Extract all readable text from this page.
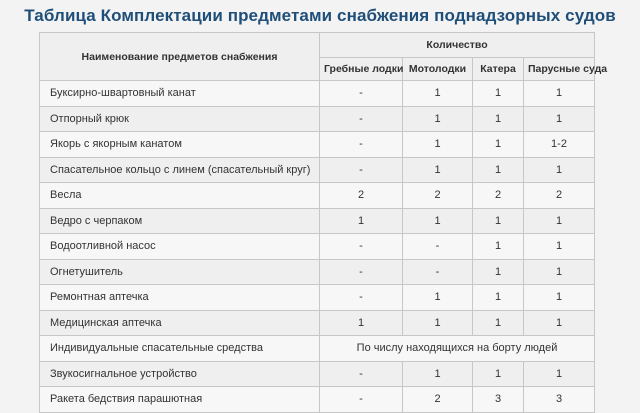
Таблица Комплектации предметами снабжения поднадзорных судов
Наименование предметов снабжения	Количество			
	Гребные лодки	Мотолодки	Катера	Парусные суда
Буксирно-швартовный канат	-	1	1	1
Отпорный крюк	-	1	1	1
Якорь с якорным канатом	-	1	1	1-2
Спасательное кольцо с линем (спасательный круг)	-	1	1	1
Весла	2	2	2	2
Ведро с черпаком	1	1	1	1
Водоотливной насос	-	-	1	1
Огнетушитель	-	-	1	1
Ремонтная аптечка	-	1	1	1
Медицинская аптечка	1	1	1	1
Индивидуальные спасательные средства	По числу находящихся на борту людей			
Звукосигнальное устройство	-	1	1	1
Ракета бедствия парашютная	-	2	3	3
